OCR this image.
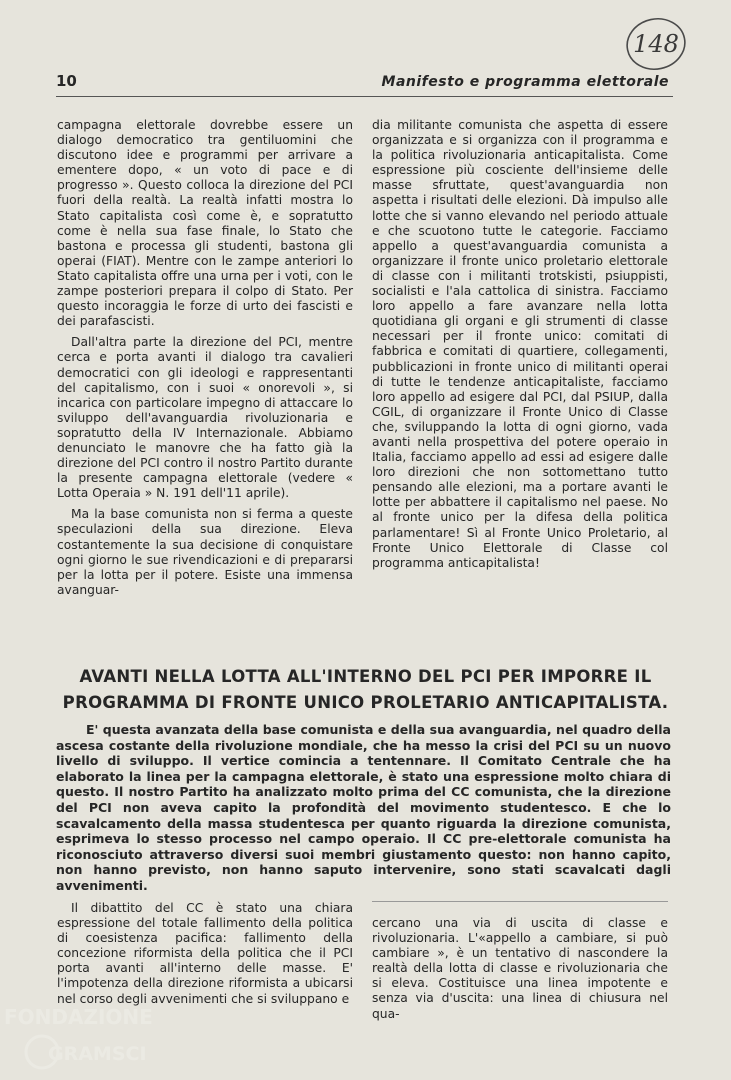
10	Manifesto e programma elettorale
148

campagna elettorale dovrebbe essere un dialogo democratico tra gentiluomini che discutono idee e programmi per arrivare a ementere dopo, « un voto di pace e di progresso ». Questo colloca la direzione del PCI fuori della realtà. La realtà infatti mostra lo Stato capitalista così come è, e sopratutto come è nella sua fase finale, lo Stato che bastona e processa gli studenti, bastona gli operai (FIAT). Mentre con le zampe anteriori lo Stato capitalista offre una urna per i voti, con le zampe posteriori prepara il colpo di Stato. Per questo incoraggia le forze di urto dei fascisti e dei parafascisti.

Dall'altra parte la direzione del PCI, mentre cerca e porta avanti il dialogo tra cavalieri democratici con gli ideologi e rappresentanti del capitalismo, con i suoi « onorevoli », si incarica con particolare impegno di attaccare lo sviluppo dell'avanguardia rivoluzionaria e sopratutto della IV Internazionale. Abbiamo denunciato le manovre che ha fatto già la direzione del PCI contro il nostro Partito durante la presente campagna elettorale (vedere « Lotta Operaia » N. 191 dell'11 aprile).

Ma la base comunista non si ferma a queste speculazioni della sua direzione. Eleva costantemente la sua decisione di conquistare ogni giorno le sue rivendicazioni e di prepararsi per la lotta per il potere. Esiste una immensa avanguar-

dia militante comunista che aspetta di essere organizzata e si organizza con il programma e la politica rivoluzionaria anticapitalista. Come espressione più cosciente dell'insieme delle masse sfruttate, quest'avanguardia non aspetta i risultati delle elezioni. Dà impulso alle lotte che si vanno elevando nel periodo attuale e che scuotono tutte le categorie. Facciamo appello a quest'avanguardia comunista a organizzare il fronte unico proletario elettorale di classe con i militanti trotskisti, psiuppisti, socialisti e l'ala cattolica di sinistra. Facciamo loro appello a fare avanzare nella lotta quotidiana gli organi e gli strumenti di classe necessari per il fronte unico: comitati di fabbrica e comitati di quartiere, collegamenti, pubblicazioni in fronte unico di militanti operai di tutte le tendenze anticapitaliste, facciamo loro appello ad esigere dal PCI, dal PSIUP, dalla CGIL, di organizzare il Fronte Unico di Classe che, sviluppando la lotta di ogni giorno, vada avanti nella prospettiva del potere operaio in Italia, facciamo appello ad essi ad esigere dalle loro direzioni che non sottomettano tutto pensando alle elezioni, ma a portare avanti le lotte per abbattere il capitalismo nel paese. No al fronte unico per la difesa della politica parlamentare! Sì al Fronte Unico Proletario, al Fronte Unico Elettorale di Classe col programma anticapitalista!

AVANTI NELLA LOTTA ALL'INTERNO DEL PCI PER IMPORRE IL PROGRAMMA DI FRONTE UNICO PROLETARIO ANTICAPITALISTA.

E' questa avanzata della base comunista e della sua avanguardia, nel quadro della ascesa costante della rivoluzione mondiale, che ha messo la crisi del PCI su un nuovo livello di sviluppo. Il vertice comincia a tentennare. Il Comitato Centrale che ha elaborato la linea per la campagna elettorale, è stato una espressione molto chiara di questo. Il nostro Partito ha analizzato molto prima del CC comunista, che la direzione del PCI non aveva capito la profondità del movimento studentesco. E che lo scavalcamento della massa studentesca per quanto riguarda la direzione comunista, esprimeva lo stesso processo nel campo operaio. Il CC pre-elettorale comunista ha riconosciuto attraverso diversi suoi membri giustamento questo: non hanno capito, non hanno previsto, non hanno saputo intervenire, sono stati scavalcati dagli avvenimenti.

Il dibattito del CC è stato una chiara espressione del totale fallimento della politica di coesistenza pacifica: fallimento della concezione riformista della politica che il PCI porta avanti all'interno delle masse. E' l'impotenza della direzione riformista a ubicarsi nel corso degli avvenimenti che si sviluppano e

cercano una via di uscita di classe e rivoluzionaria. L'«appello a cambiare, si può cambiare », è un tentativo di nascondere la realtà della lotta di classe e rivoluzionaria che si eleva. Costituisce una linea impotente e senza via d'uscita: una linea di chiusura nel qua-

FONDAZIONE
GRAMSCI
